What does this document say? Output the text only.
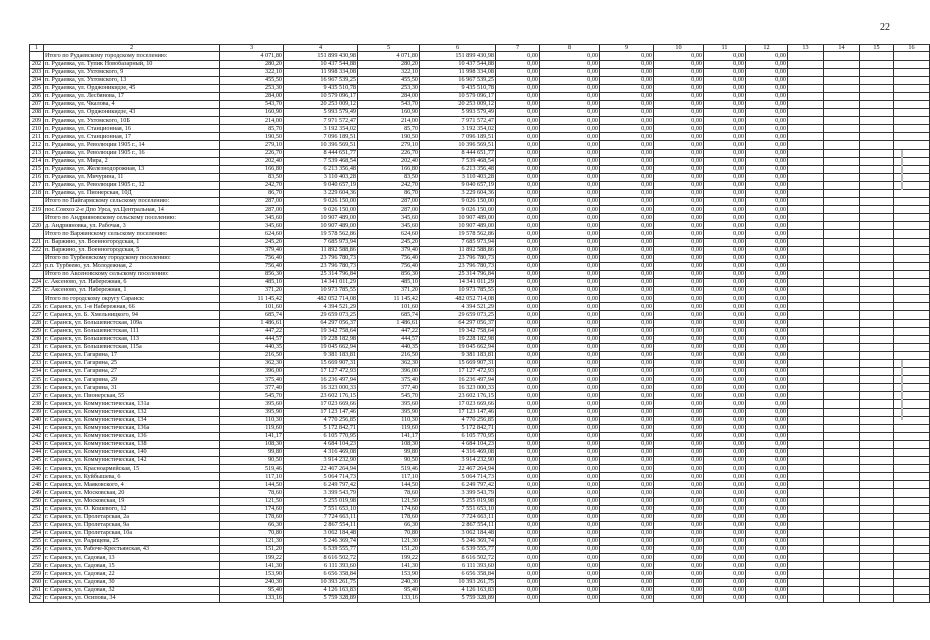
22
1	2	3	4	5	6	7	8	9	10	11	12	13	14	15	16
	Итого по Рудаевскому городскому поселению:	4 071,80	151 899 430,98	4 071,80	151 899 430,98	0,00	0,00	0,00	0,00	0,00	0,00				
202	п. Рудаевка, ул. Тупик Новобазарный, 10	280,20	10 437 544,88	280,20	10 437 544,88	0,00	0,00	0,00	0,00	0,00	0,00				
203	п. Рудаевка, ул. Ухтомского, 9	322,10	11 998 334,08	322,10	11 998 334,08	0,00	0,00	0,00	0,00	0,00	0,00				
204	п. Рудаевка, ул. Ухтомского, 13	455,50	16 967 539,25	455,50	16 967 539,25	0,00	0,00	0,00	0,00	0,00	0,00				
205	п. Рудаевка, ул. Орджоникидзе, 45	253,30	9 435 510,78	253,30	9 435 510,78	0,00	0,00	0,00	0,00	0,00	0,00				
206	п. Рудаевка, ул. Лесбянова, 17	284,00	10 579 096,17	284,00	10 579 096,17	0,00	0,00	0,00	0,00	0,00	0,00				
207	п. Рудаевка, ул. Чкалова, 4	543,70	20 253 009,12	543,70	20 253 009,12	0,00	0,00	0,00	0,00	0,00	0,00				
208	п. Рудаевка, ул. Орджоникидзе, 43	160,90	5 993 579,49	160,90	5 993 579,49	0,00	0,00	0,00	0,00	0,00	0,00				
209	п. Рудаевка, ул. Ухтомского, 10Б	214,00	7 971 572,47	214,00	7 971 572,47	0,00	0,00	0,00	0,00	0,00	0,00				
210	п. Рудаевка, ул. Станционная, 16	85,70	3 192 354,02	85,70	3 192 354,02	0,00	0,00	0,00	0,00	0,00	0,00				
211	п. Рудаевка, ул. Станционная, 17	190,50	7 096 189,51	190,50	7 096 189,51	0,00	0,00	0,00	0,00	0,00	0,00				
212	п. Рудаевка, ул. Революции 1905 г., 14	279,10	10 396 569,51	279,10	10 396 569,51	0,00	0,00	0,00	0,00	0,00	0,00				
213	п. Рудаевка, ул. Революции 1905 г., 16	226,70	8 444 651,77	226,70	8 444 651,77	0,00	0,00	0,00	0,00	0,00	0,00				
214	п. Рудаевка, ул. Мира, 2	202,40	7 539 468,54	202,40	7 539 468,54	0,00	0,00	0,00	0,00	0,00	0,00				
215	п. Рудаевка, ул. Железнодорожная, 13	166,80	6 213 356,48	166,80	6 213 356,48	0,00	0,00	0,00	0,00	0,00	0,00				
216	п. Рудаевка, ул. Мичурина, 11	83,50	3 110 403,28	83,50	3 110 403,28	0,00	0,00	0,00	0,00	0,00	0,00				
217	п. Рудаевка, ул. Революции 1905 г., 12	242,70	9 040 657,19	242,70	9 040 657,19	0,00	0,00	0,00	0,00	0,00	0,00				
218	п. Рудаевка, ул. Пионерская, 10Д	86,70	3 229 604,36	86,70	3 229 604,36	0,00	0,00	0,00	0,00	0,00	0,00				
	Итого по Пайгармскому сельскому поселению:	287,00	9 026 150,00	287,00	9 026 150,00	0,00	0,00	0,00	0,00	0,00	0,00				
219	пос.Совхоз 2-е Дпо Урса, ул.Центральная, 14	287,00	9 026 150,00	287,00	9 026 150,00	0,00	0,00	0,00	0,00	0,00	0,00				
	Итого по Андрияновскому сельскому поселению:	345,60	10 907 489,00	345,60	10 907 489,00	0,00	0,00	0,00	0,00	0,00	0,00				
220	д. Андрияновка, ул. Рабочая, 3	345,60	10 907 489,00	345,60	10 907 489,00	0,00	0,00	0,00	0,00	0,00	0,00				
	Итого по Варжинскому сельскому поселению:	624,60	19 578 562,86	624,60	19 578 562,86	0,00	0,00	0,00	0,00	0,00	0,00				
221	п. Варжино, ул. Военногородская, 1	245,20	7 685 973,94	245,20	7 685 973,94	0,00	0,00	0,00	0,00	0,00	0,00				
222	п. Варжино, ул. Военногородская, 5	379,40	11 892 588,86	379,40	11 892 588,86	0,00	0,00	0,00	0,00	0,00	0,00				
	Итого по Турбеевскому городскому поселению:	756,40	23 796 780,73	756,40	23 796 780,73	0,00	0,00	0,00	0,00	0,00	0,00				
223	р.п. Турбеево, ул. Молодежная, 2	756,40	23 796 780,73	756,40	23 796 780,73	0,00	0,00	0,00	0,00	0,00	0,00				
	Итого по Аксеновскому сельскому поселению:	856,30	25 314 796,84	856,30	25 314 796,84	0,00	0,00	0,00	0,00	0,00	0,00				
224	с. Аксеново, ул. Набережная, 6	485,10	14 341 011,29	485,10	14 341 011,29	0,00	0,00	0,00	0,00	0,00	0,00				
225	с. Аксеново, ул. Набережная, 1	371,20	10 973 785,55	371,20	10 973 785,55	0,00	0,00	0,00	0,00	0,00	0,00				
	Итого по городскому округу Саранск:	11 145,42	482 052 714,08	11 145,42	482 052 714,08	0,00	0,00	0,00	0,00	0,00	0,00				
226	г. Саранск, ул. 1-я Набережная, 66	101,60	4 394 521,29	101,60	4 394 521,29	0,00	0,00	0,00	0,00	0,00	0,00				
227	г. Саранск, ул. Б. Хмельницкого, 94	685,74	29 659 073,25	685,74	29 659 073,25	0,00	0,00	0,00	0,00	0,00	0,00				
228	г. Саранск, ул. Большевистская, 109а	1 486,61	64 297 056,37	1 486,61	64 297 056,37	0,00	0,00	0,00	0,00	0,00	0,00				
229	г. Саранск, ул. Большевистская, 111	447,22	19 342 758,64	447,22	19 342 758,64	0,00	0,00	0,00	0,00	0,00	0,00				
230	г. Саранск, ул. Большевистская, 113	444,57	19 228 182,98	444,57	19 228 182,98	0,00	0,00	0,00	0,00	0,00	0,00				
231	г. Саранск, ул. Большевистская, 115а	440,35	19 045 662,94	440,35	19 045 662,94	0,00	0,00	0,00	0,00	0,00	0,00				
232	г. Саранск, ул. Гагарина, 17	216,50	9 381 183,81	216,50	9 381 183,81	0,00	0,00	0,00	0,00	0,00	0,00				
233	г. Саранск, ул. Гагарина, 25	362,30	15 669 907,31	362,30	15 669 907,31	0,00	0,00	0,00	0,00	0,00	0,00				
234	г. Саранск, ул. Гагарина, 27	396,00	17 127 472,93	396,00	17 127 472,93	0,00	0,00	0,00	0,00	0,00	0,00				
235	г. Саранск, ул. Гагарина, 29	375,40	16 236 497,94	375,40	16 236 497,94	0,00	0,00	0,00	0,00	0,00	0,00				
236	г. Саранск, ул. Гагарина, 31	377,40	16 323 000,33	377,40	16 323 000,33	0,00	0,00	0,00	0,00	0,00	0,00				
237	г. Саранск, ул. Пионерская, 55	545,70	23 602 176,15	545,70	23 602 176,15	0,00	0,00	0,00	0,00	0,00	0,00				
238	г. Саранск, ул. Коммунистическая, 131а	395,60	17 023 669,66	395,60	17 023 669,66	0,00	0,00	0,00	0,00	0,00	0,00				
239	г. Саранск, ул. Коммунистическая, 132	395,90	17 123 147,46	395,90	17 123 147,46	0,00	0,00	0,00	0,00	0,00	0,00				
240	г. Саранск, ул. Коммунистическая, 134	110,30	4 770 256,85	110,30	4 770 256,85	0,00	0,00	0,00	0,00	0,00	0,00				
241	г. Саранск, ул. Коммунистическая, 136а	119,60	5 172 842,71	119,60	5 172 842,71	0,00	0,00	0,00	0,00	0,00	0,00				
242	г. Саранск, ул. Коммунистическая, 136	141,17	6 105 770,95	141,17	6 105 770,95	0,00	0,00	0,00	0,00	0,00	0,00				
243	г. Саранск, ул. Коммунистическая, 138	108,30	4 684 104,23	108,30	4 684 104,23	0,00	0,00	0,00	0,00	0,00	0,00				
244	г. Саранск, ул. Коммунистическая, 140	99,80	4 316 469,08	99,80	4 316 469,08	0,00	0,00	0,00	0,00	0,00	0,00				
245	г. Саранск, ул. Коммунистическая, 142	90,50	3 914 232,90	90,50	3 914 232,90	0,00	0,00	0,00	0,00	0,00	0,00				
246	г. Саранск, ул. Красноармейская, 15	519,46	22 467 264,94	519,46	22 467 264,94	0,00	0,00	0,00	0,00	0,00	0,00				
247	г. Саранск, ул. Куйбышева, 6	117,10	5 064 714,73	117,10	5 064 714,73	0,00	0,00	0,00	0,00	0,00	0,00				
248	г. Саранск, ул. Маяковского, 4	144,50	6 249 797,42	144,50	6 249 797,42	0,00	0,00	0,00	0,00	0,00	0,00				
249	г. Саранск, ул. Московская, 20	78,60	3 399 543,79	78,60	3 399 543,79	0,00	0,00	0,00	0,00	0,00	0,00				
250	г. Саранск, ул. Московская, 19	121,50	5 255 019,98	121,50	5 255 019,98	0,00	0,00	0,00	0,00	0,00	0,00				
251	г. Саранск, ул. О. Кошевого, 12	174,60	7 551 653,10	174,60	7 551 653,10	0,00	0,00	0,00	0,00	0,00	0,00				
252	г. Саранск, ул. Пролетарская, 2а	178,60	7 724 663,11	178,60	7 724 663,11	0,00	0,00	0,00	0,00	0,00	0,00				
253	г. Саранск, ул. Пролетарская, 9а	66,30	2 867 554,11	66,30	2 867 554,11	0,00	0,00	0,00	0,00	0,00	0,00				
254	г. Саранск, ул. Пролетарская, 10а	70,80	3 062 184,48	70,80	3 062 184,48	0,00	0,00	0,00	0,00	0,00	0,00				
255	г. Саранск, ул. Радищева, 25	121,30	5 246 369,74	121,30	5 246 369,74	0,00	0,00	0,00	0,00	0,00	0,00				
256	г. Саранск, ул. Рабоче-Крестьянская, 43	151,20	6 539 555,77	151,20	6 539 555,77	0,00	0,00	0,00	0,00	0,00	0,00				
257	г. Саранск, ул. Садовая, 13	199,22	8 616 502,72	199,22	8 616 502,72	0,00	0,00	0,00	0,00	0,00	0,00				
258	г. Саранск, ул. Садовая, 15	141,30	6 111 393,60	141,30	6 111 393,60	0,00	0,00	0,00	0,00	0,00	0,00				
259	г. Саранск, ул. Садовая, 22	153,90	6 656 358,84	153,90	6 656 358,84	0,00	0,00	0,00	0,00	0,00	0,00				
260	г. Саранск, ул. Садовая, 30	240,30	10 393 261,75	240,30	10 393 261,75	0,00	0,00	0,00	0,00	0,00	0,00				
261	г. Саранск, ул. Садовая, 32	95,40	4 126 163,83	95,40	4 126 163,83	0,00	0,00	0,00	0,00	0,00	0,00				
262	г. Саранск, ул. Осипова, 34	133,16	5 759 328,89	133,16	5 759 328,89	0,00	0,00	0,00	0,00	0,00	0,00				
